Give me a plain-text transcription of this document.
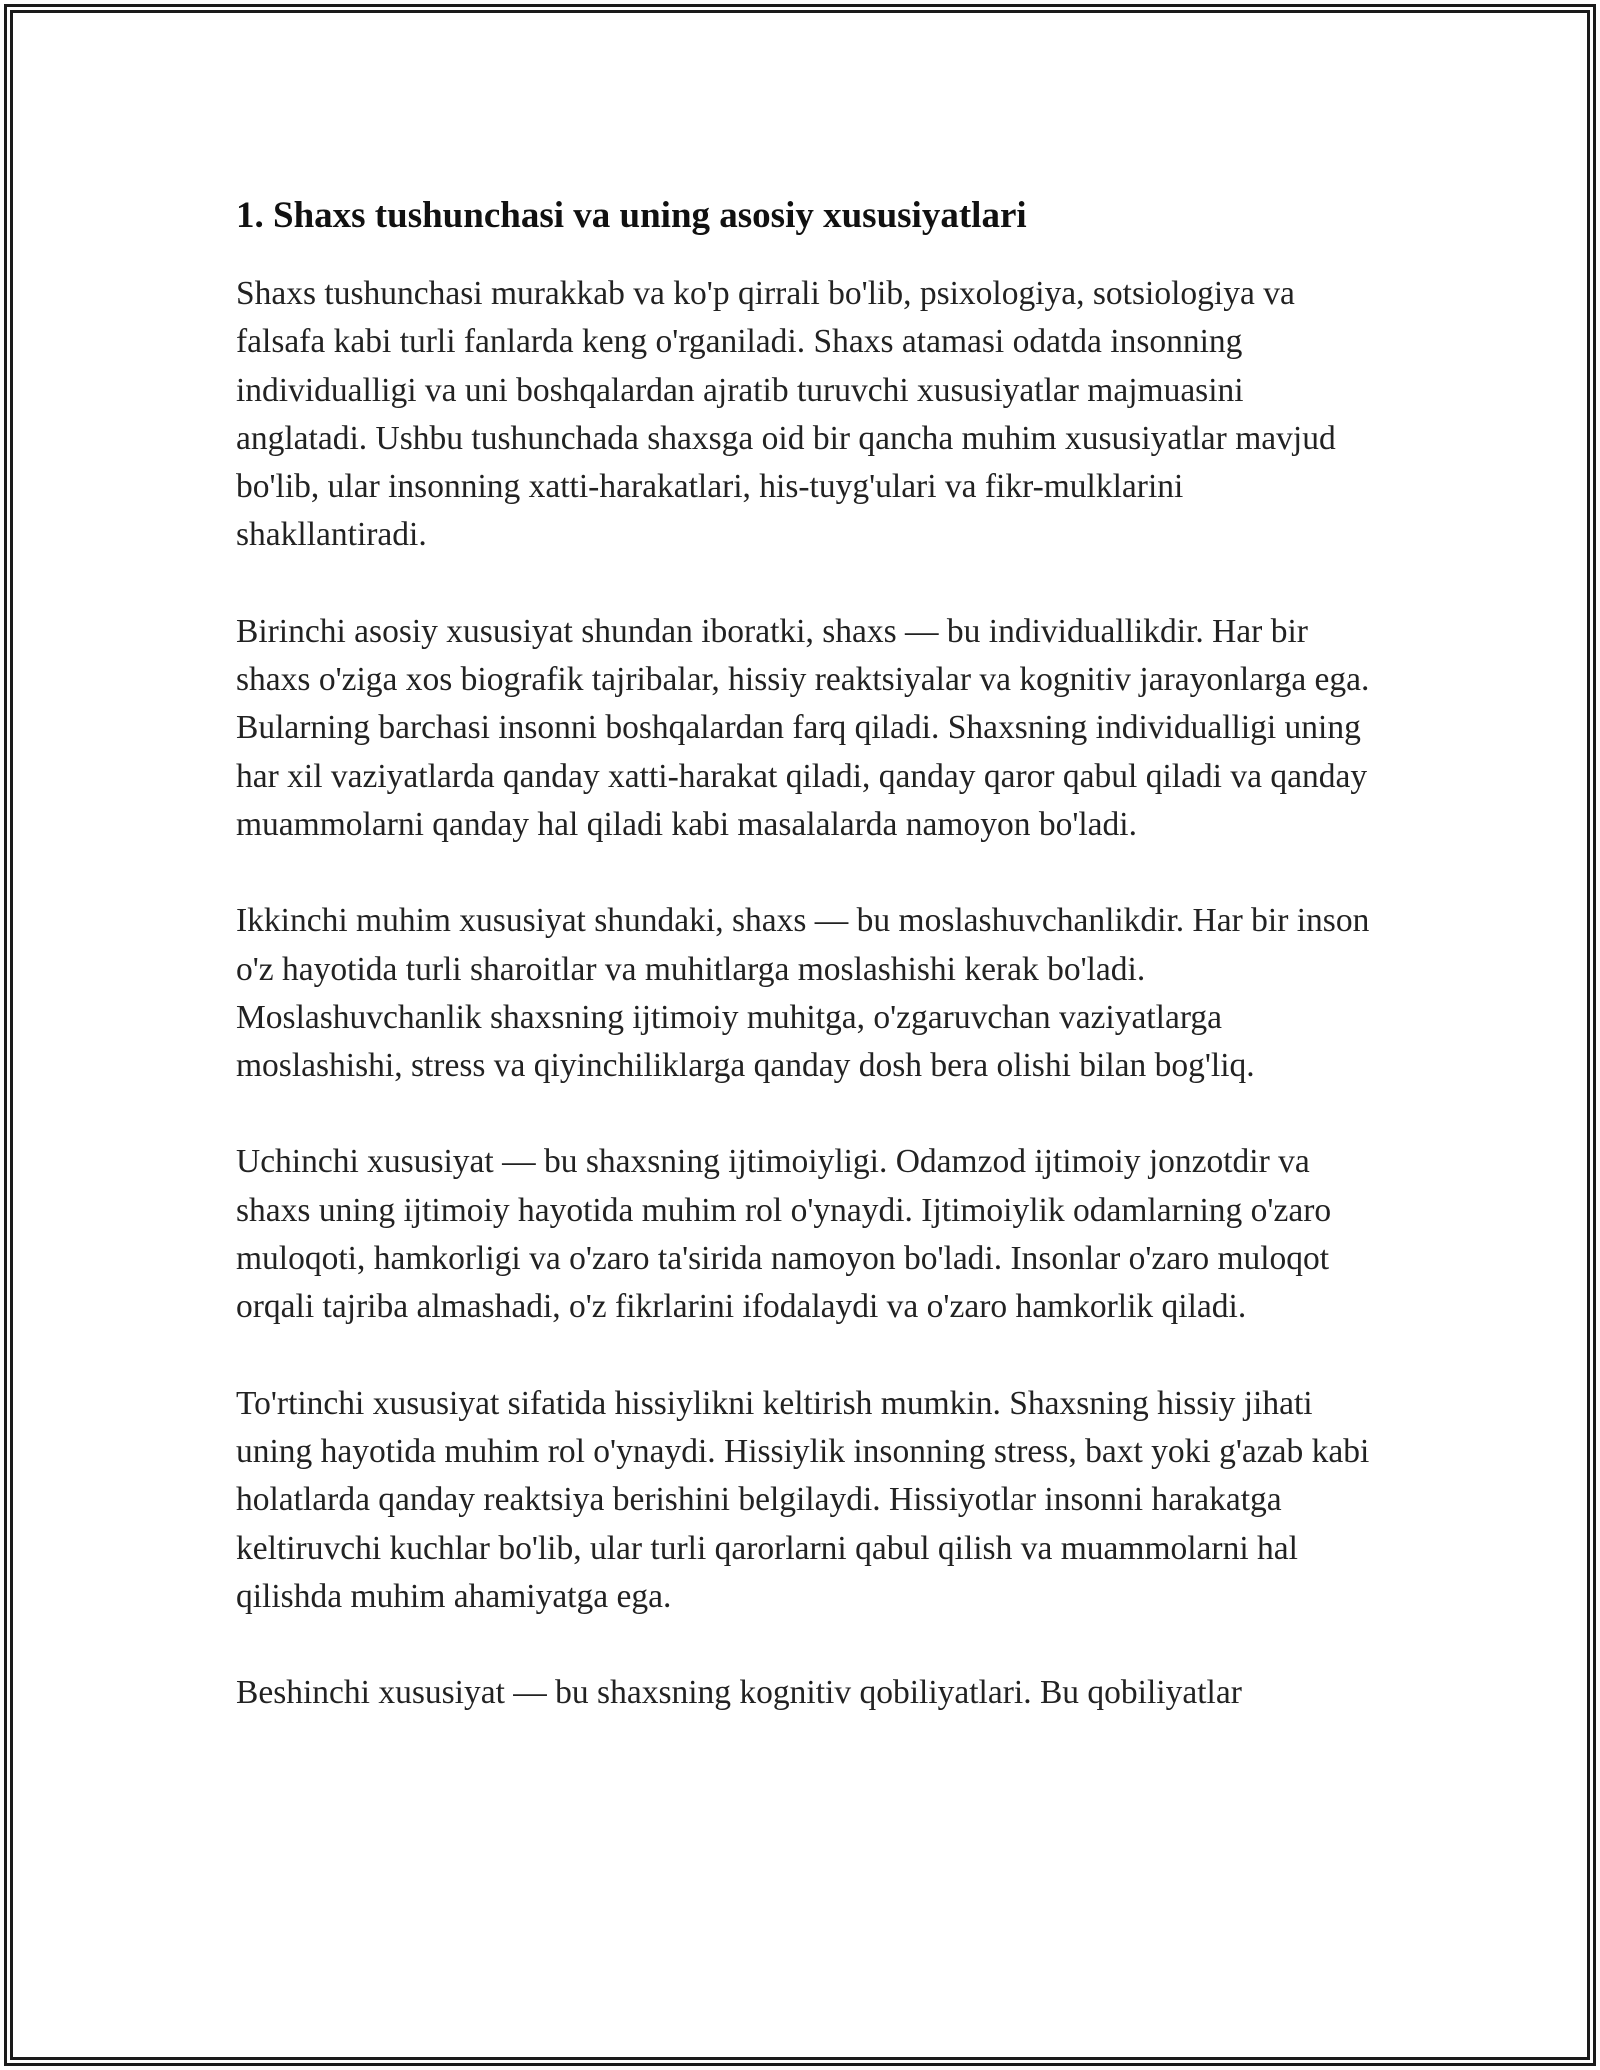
1. Shaxs tushunchasi va uning asosiy xususiyatlari

Shaxs tushunchasi murakkab va ko'p qirrali bo'lib, psixologiya, sotsiologiya va falsafa kabi turli fanlarda keng o'rganiladi. Shaxs atamasi odatda insonning individualligi va uni boshqalardan ajratib turuvchi xususiyatlar majmuasini anglatadi. Ushbu tushunchada shaxsga oid bir qancha muhim xususiyatlar mavjud bo'lib, ular insonning xatti-harakatlari, his-tuyg'ulari va fikr-mulklarini shakllantiradi.

Birinchi asosiy xususiyat shundan iboratki, shaxs — bu individuallikdir. Har bir shaxs o'ziga xos biografik tajribalar, hissiy reaktsiyalar va kognitiv jarayonlarga ega. Bularning barchasi insonni boshqalardan farq qiladi. Shaxsning individualligi uning har xil vaziyatlarda qanday xatti-harakat qiladi, qanday qaror qabul qiladi va qanday muammolarni qanday hal qiladi kabi masalalarda namoyon bo'ladi.

Ikkinchi muhim xususiyat shundaki, shaxs — bu moslashuvchanlikdir. Har bir inson o'z hayotida turli sharoitlar va muhitlarga moslashishi kerak bo'ladi. Moslashuvchanlik shaxsning ijtimoiy muhitga, o'zgaruvchan vaziyatlarga moslashishi, stress va qiyinchiliklarga qanday dosh bera olishi bilan bog'liq.

Uchinchi xususiyat — bu shaxsning ijtimoiyligi. Odamzod ijtimoiy jonzotdir va shaxs uning ijtimoiy hayotida muhim rol o'ynaydi. Ijtimoiylik odamlarning o'zaro muloqoti, hamkorligi va o'zaro ta'sirida namoyon bo'ladi. Insonlar o'zaro muloqot orqali tajriba almashadi, o'z fikrlarini ifodalaydi va o'zaro hamkorlik qiladi.

To'rtinchi xususiyat sifatida hissiylikni keltirish mumkin. Shaxsning hissiy jihati uning hayotida muhim rol o'ynaydi. Hissiylik insonning stress, baxt yoki g'azab kabi holatlarda qanday reaktsiya berishini belgilaydi. Hissiyotlar insonni harakatga keltiruvchi kuchlar bo'lib, ular turli qarorlarni qabul qilish va muammolarni hal qilishda muhim ahamiyatga ega.

Beshinchi xususiyat — bu shaxsning kognitiv qobiliyatlari. Bu qobiliyatlar
